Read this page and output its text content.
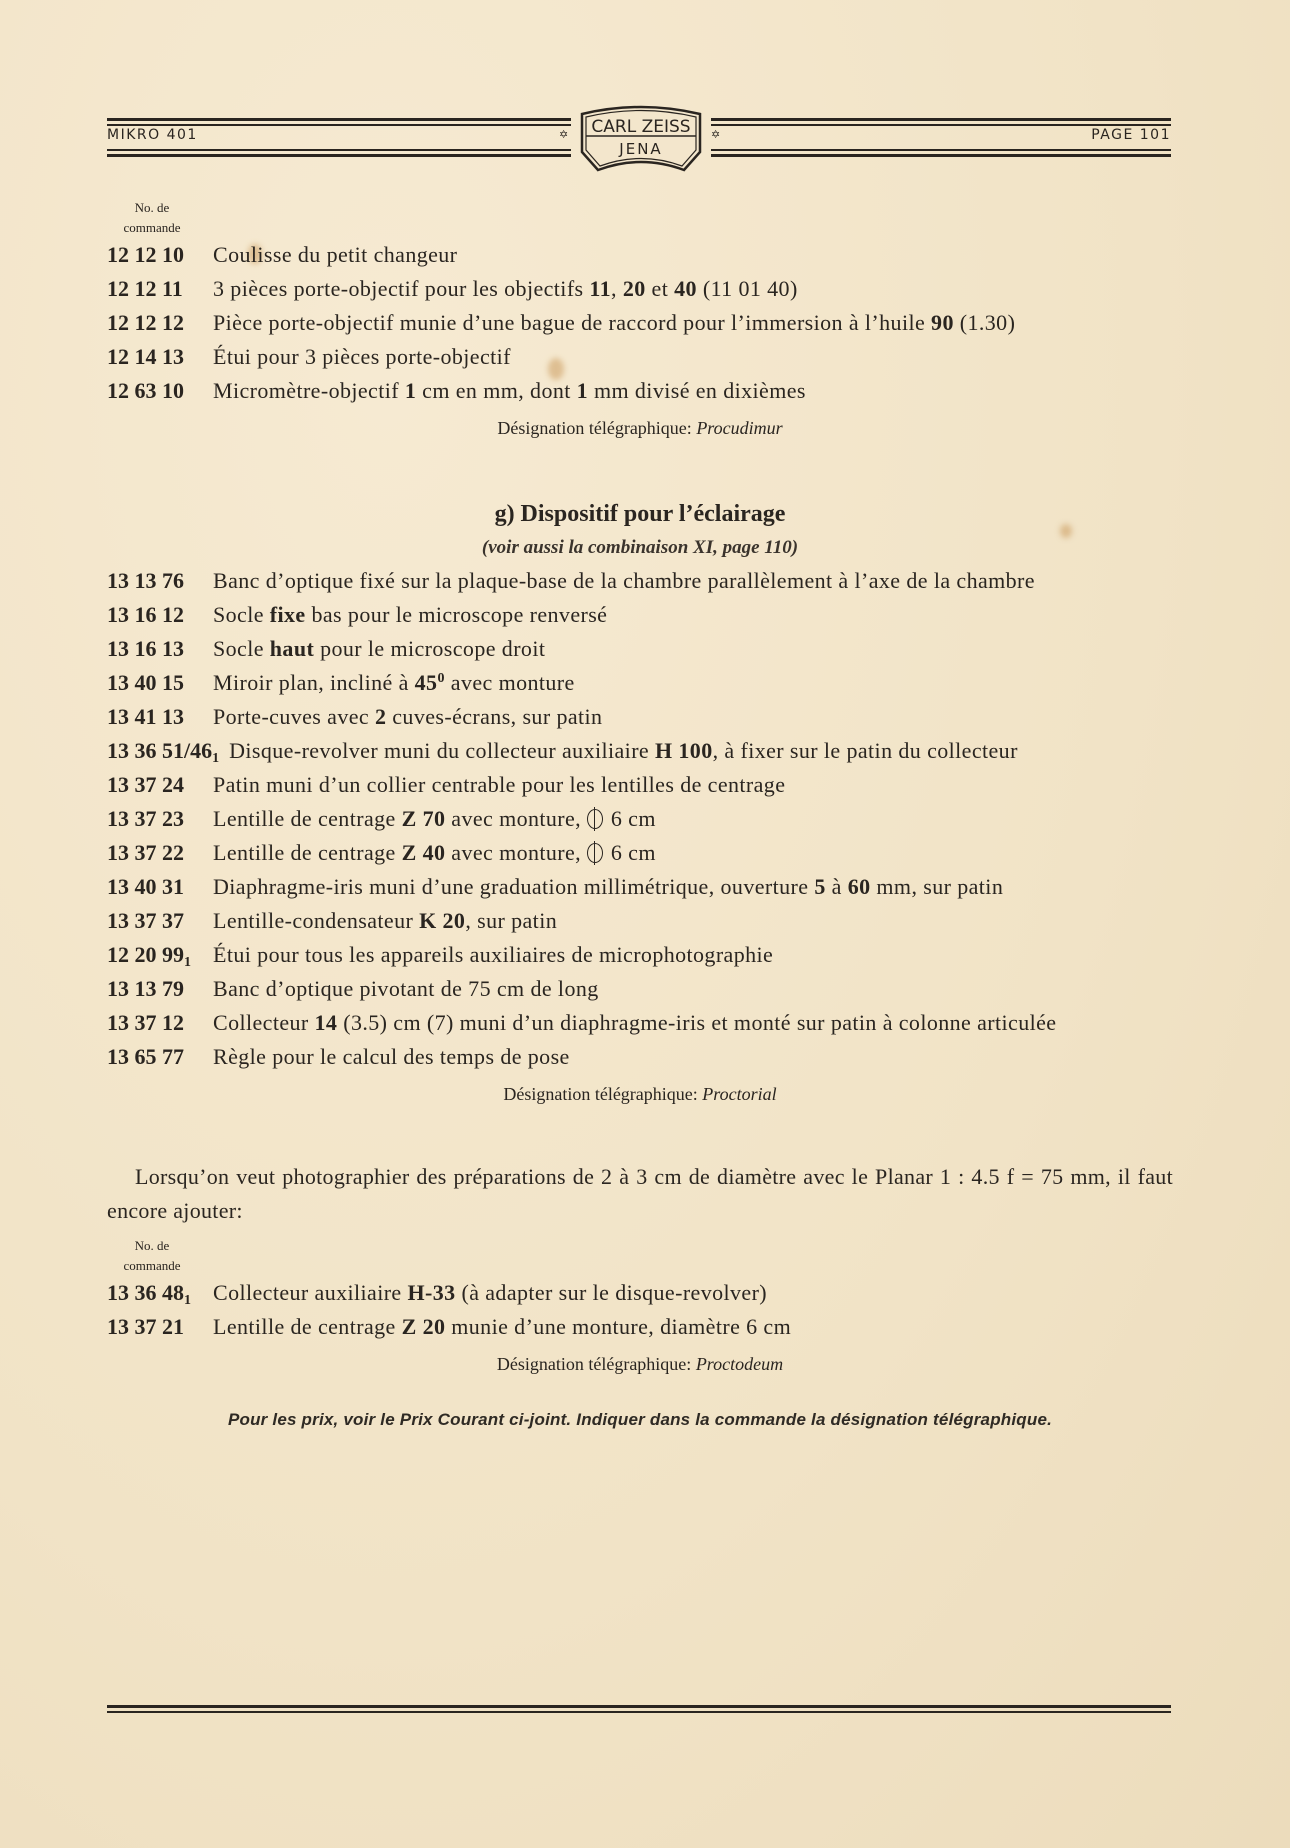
MIKRO 401	PAGE 101
✡	✡
CARL ZEISS
JENA
No. de
commande
12 12 10	Coulisse du petit changeur
12 12 11	3 pièces porte-objectif pour les objectifs 11, 20 et 40 (11 01 40)
12 12 12	Pièce porte-objectif munie d’une bague de raccord pour l’immersion à l’huile 90 (1.30)
12 14 13	Étui pour 3 pièces porte-objectif
12 63 10	Micromètre-objectif 1 cm en mm, dont 1 mm divisé en dixièmes
Désignation télégraphique: Procudimur
g) Dispositif pour l’éclairage
(voir aussi la combinaison XI, page 110)
13 13 76	Banc d’optique fixé sur la plaque-base de la chambre parallèlement à l’axe de la chambre
13 16 12	Socle fixe bas pour le microscope renversé
13 16 13	Socle haut pour le microscope droit
13 40 15	Miroir plan, incliné à $45^0$ avec monture
13 41 13	Porte-cuves avec 2 cuves-écrans, sur patin
13 36 $51/46_1$ Disque-revolver muni du collecteur auxiliaire H 100, à fixer sur le patin du collecteur
13 37 24	Patin muni d’un collier centrable pour les lentilles de centrage
13 37 23	Lentille de centrage Z 70 avec monture,  6 cm
13 37 22	Lentille de centrage Z 40 avec monture,  6 cm
13 40 31	Diaphragme-iris muni d’une graduation millimétrique, ouverture 5 à 60 mm, sur patin
13 37 37	Lentille-condensateur K 20, sur patin
12 20 $99_1$	Étui pour tous les appareils auxiliaires de microphotographie
13 13 79	Banc d’optique pivotant de 75 cm de long
13 37 12	Collecteur 14 (3.5) cm (7) muni d’un diaphragme-iris et monté sur patin à colonne articulée
13 65 77	Règle pour le calcul des temps de pose
Désignation télégraphique: Proctorial
Lorsqu’on veut photographier des préparations de 2 à 3 cm de diamètre avec le Planar 1 : 4.5 f = 75 mm, il faut encore ajouter:
No. de
commande
13 36 $48_1$	Collecteur auxiliaire H-33 (à adapter sur le disque-revolver)
13 37 21	Lentille de centrage Z 20 munie d’une monture, diamètre 6 cm
Désignation télégraphique: Proctodeum
Pour les prix, voir le Prix Courant ci-joint. Indiquer dans la commande la désignation télégraphique.
